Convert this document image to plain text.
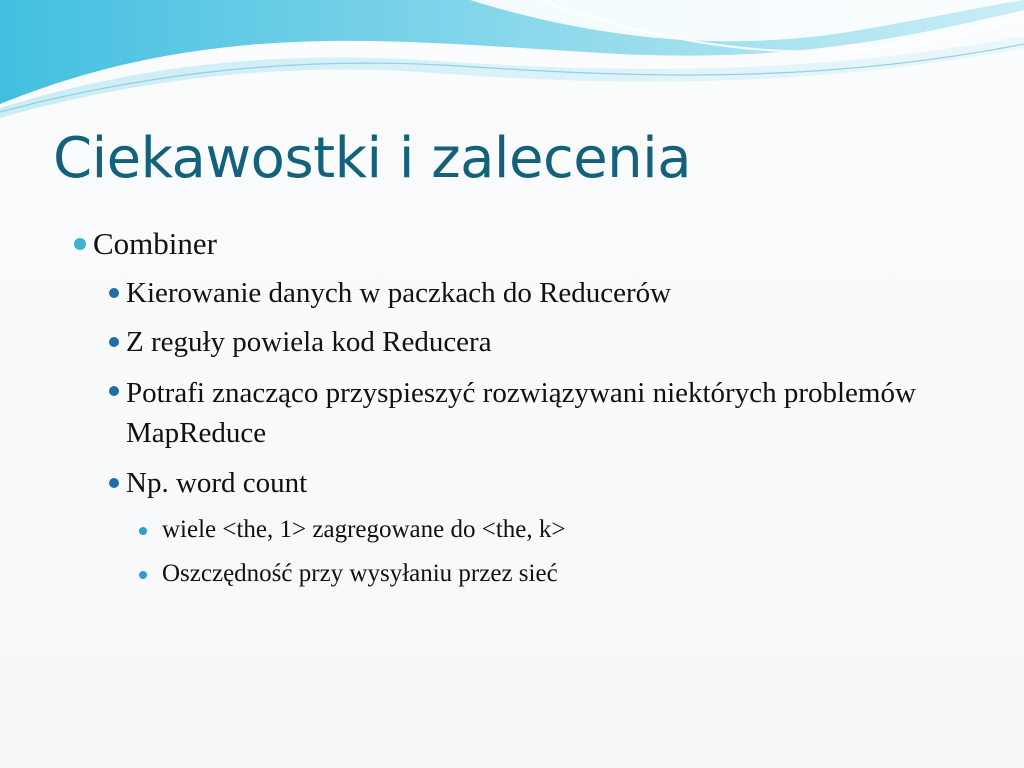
Ciekawostki i zalecenia
Combiner
Kierowanie danych w paczkach do Reducerów
Z reguły powiela kod Reducera
Potrafi znacząco przyspieszyć rozwiązywani niektórych problemów MapReduce
Np. word count
wiele <the, 1> zagregowane do <the, k>
Oszczędność przy wysyłaniu przez sieć
